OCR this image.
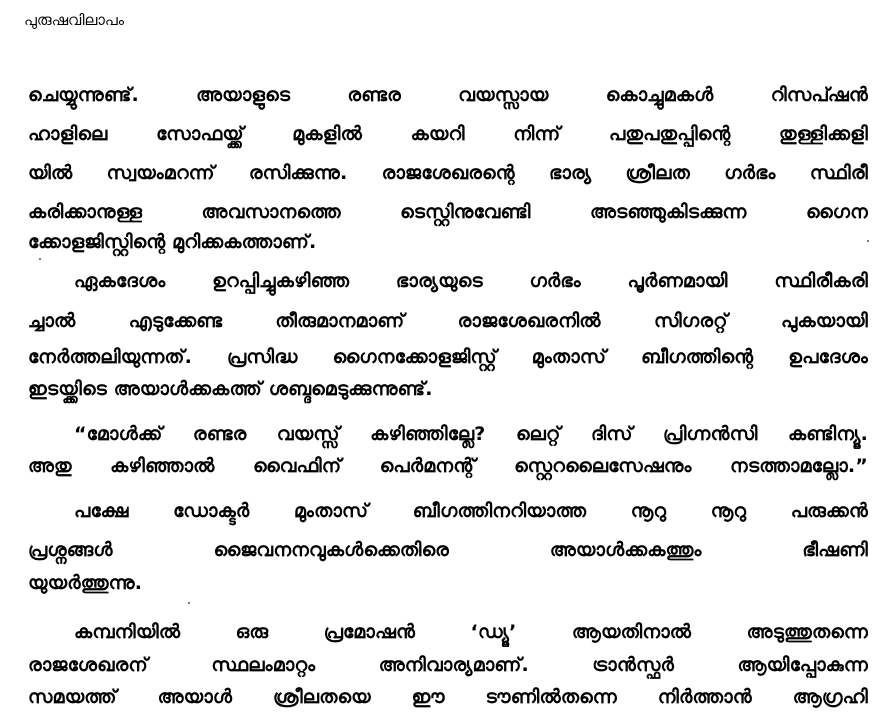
പുരുഷവിലാപം
ചെയ്യുന്നുണ്ട്. അയാളുടെ രണ്ടര വയസ്സായ കൊച്ചുമകൾ റിസപ്ഷൻ
ഹാളിലെ സോഫയ്ക്ക് മുകളിൽ കയറി നിന്ന് പതുപതുപ്പിന്റെ തുള്ളിക്കളി
യിൽ സ്വയംമറന്ന് രസിക്കുന്നു. രാജശേഖരന്റെ ഭാര്യ ശ്രീലത ഗർഭം സ്ഥിരീ
കരിക്കാനുള്ള അവസാനത്തെ ടെസ്റ്റിനുവേണ്ടി അടഞ്ഞുകിടക്കുന്ന ഗൈന
ക്കോളജിസ്റ്റിന്റെ മുറിക്കകത്താണ്.
ഏകദേശം ഉറപ്പിച്ചുകഴിഞ്ഞ ഭാര്യയുടെ ഗർഭം പൂർണമായി സ്ഥിരീകരി
ച്ചാൽ എടുക്കേണ്ട തീരുമാനമാണ് രാജശേഖരനിൽ സിഗരറ്റ് പുകയായി
നേർത്തലിയുന്നത്. പ്രസിദ്ധ ഗൈനക്കോളജിസ്റ്റ് മുംതാസ് ബീഗത്തിന്റെ ഉപദേശം
ഇടയ്ക്കിടെ അയാൾക്കകത്ത് ശബ്ദമെടുക്കുന്നുണ്ട്.
“മോൾക്ക് രണ്ടര വയസ്സ് കഴിഞ്ഞില്ലേ? ലെറ്റ് ദിസ് പ്രിഗ്നൻസി കണ്ടിന്യൂ.
അതു കഴിഞ്ഞാൽ വൈഫിന് പെർമനന്റ് സ്റ്റെറലൈസേഷനും നടത്താമല്ലോ.”
പക്ഷേ ഡോക്ടർ മുംതാസ് ബീഗത്തിനറിയാത്ത നൂറു നൂറു പരുക്കൻ
പ്രശ്നങ്ങൾ ജൈവനനവുകൾക്കെതിരെ അയാൾക്കകത്തും ഭീഷണി
യുയർത്തുന്നു.
കമ്പനിയിൽ ഒരു പ്രമോഷൻ ‘ഡ്യൂ’ ആയതിനാൽ അടുത്തുതന്നെ
രാജശേഖരന് സ്ഥലംമാറ്റം അനിവാര്യമാണ്. ട്രാൻസ്ഫർ ആയിപ്പോകുന്ന
സമയത്ത് അയാൾ ശ്രീലതയെ ഈ ടൗണിൽതന്നെ നിർത്താൻ ആഗ്രഹി
